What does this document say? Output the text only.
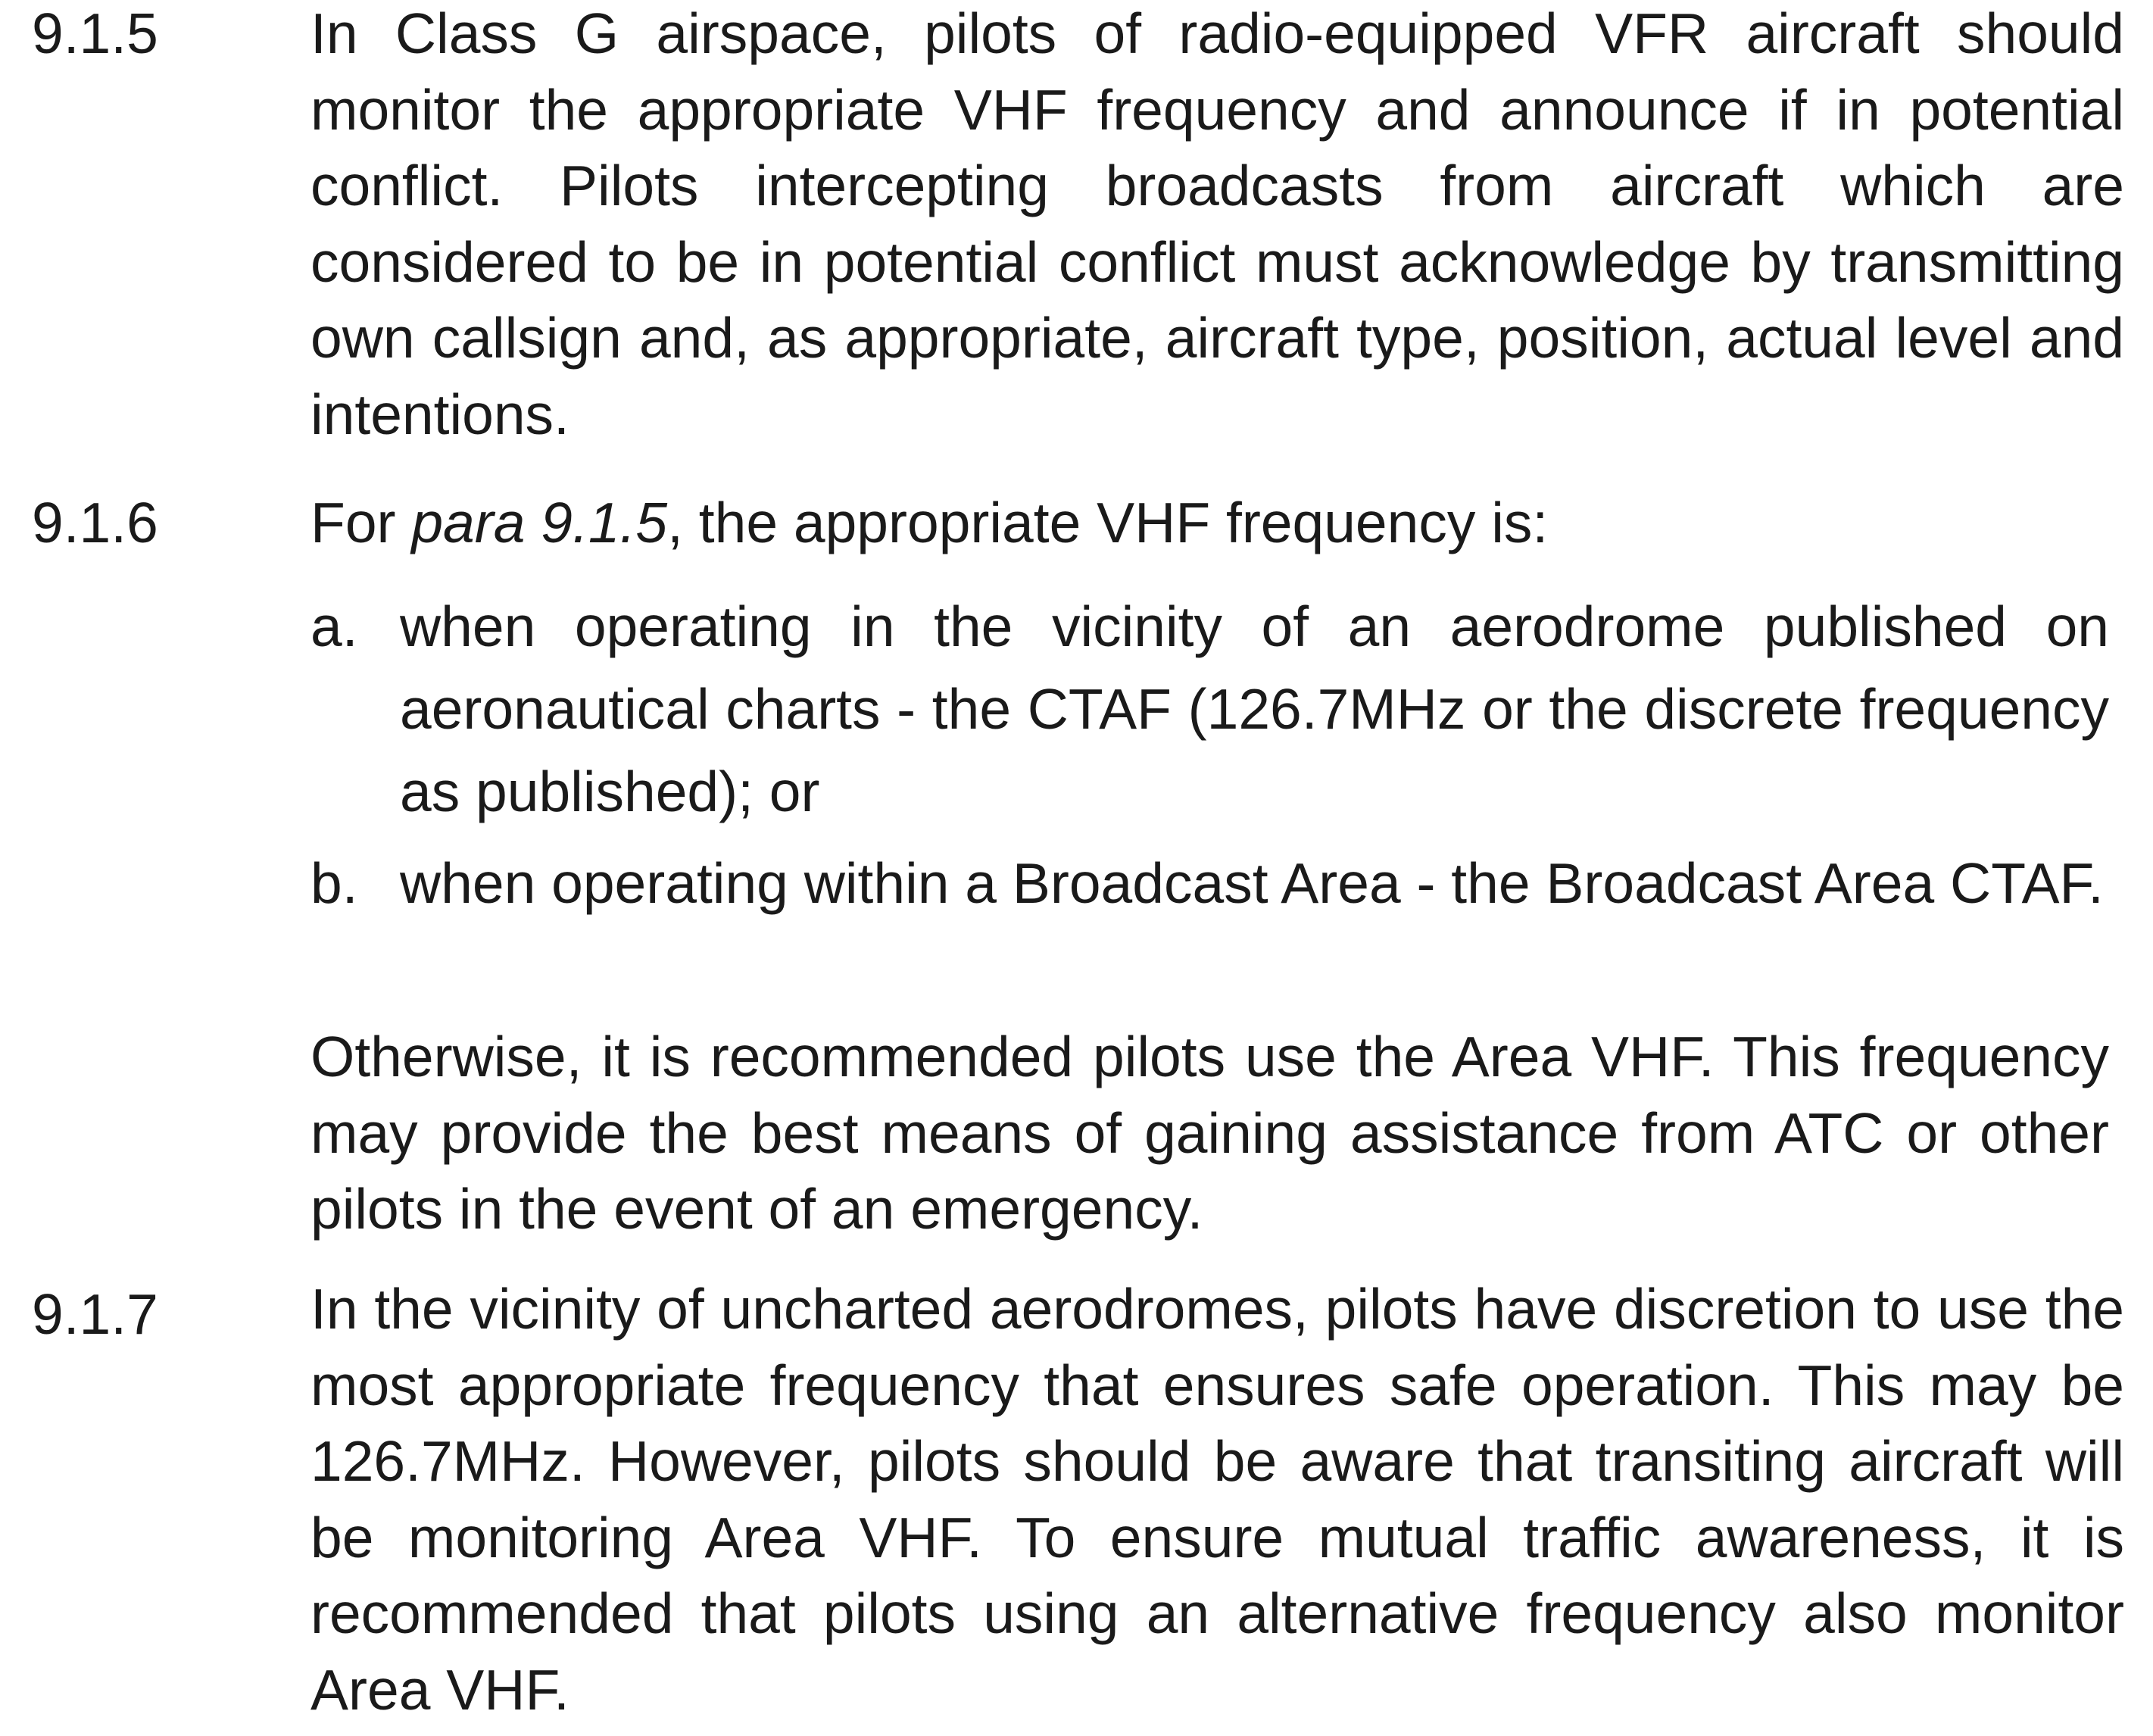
9.1.5	In Class G airspace, pilots of radio-equipped VFR aircraft should monitor the appropriate VHF frequency and announce if in potential conflict. Pilots intercepting broadcasts from aircraft which are considered to be in potential conflict must acknowledge by transmitting own callsign and, as appropriate, aircraft type, position, actual level and intentions.

9.1.6	For para 9.1.5, the appropriate VHF frequency is:

a. when operating in the vicinity of an aerodrome published on aeronautical charts - the CTAF (126.7MHz or the discrete frequency as published); or

b. when operating within a Broadcast Area - the Broadcast Area CTAF.

Otherwise, it is recommended pilots use the Area VHF. This frequency may provide the best means of gaining assistance from ATC or other pilots in the event of an emergency.

9.1.7	In the vicinity of uncharted aerodromes, pilots have discretion to use the most appropriate frequency that ensures safe operation. This may be 126.7MHz. However, pilots should be aware that transiting aircraft will be monitoring Area VHF. To ensure mutual traffic awareness, it is recommended that pilots using an alternative frequency also monitor Area VHF.
